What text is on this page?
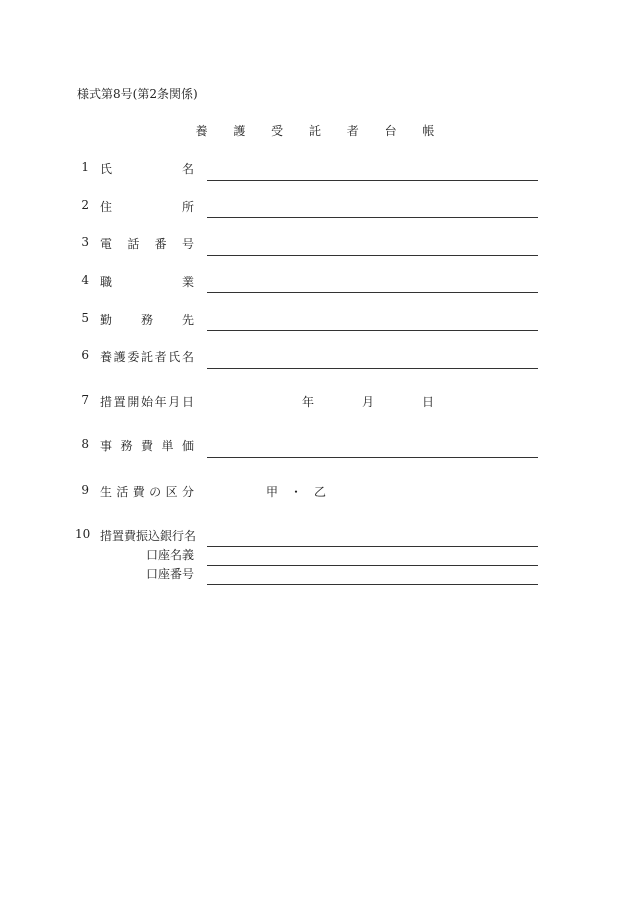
様式第8号(第2条関係)
養 護 受 託 者 台 帳
1 氏	名
2 住	所
3 電 話 番 号
4 職	業
5 勤 務 先
6 養 護 委 託 者 氏 名
7 措 置 開 始 年 月 日	年	月	日
8 事 務 費 単 価
9 生 活 費 の 区 分	甲 ・ 乙
10 措置費振込銀行名
口座名義
口座番号
